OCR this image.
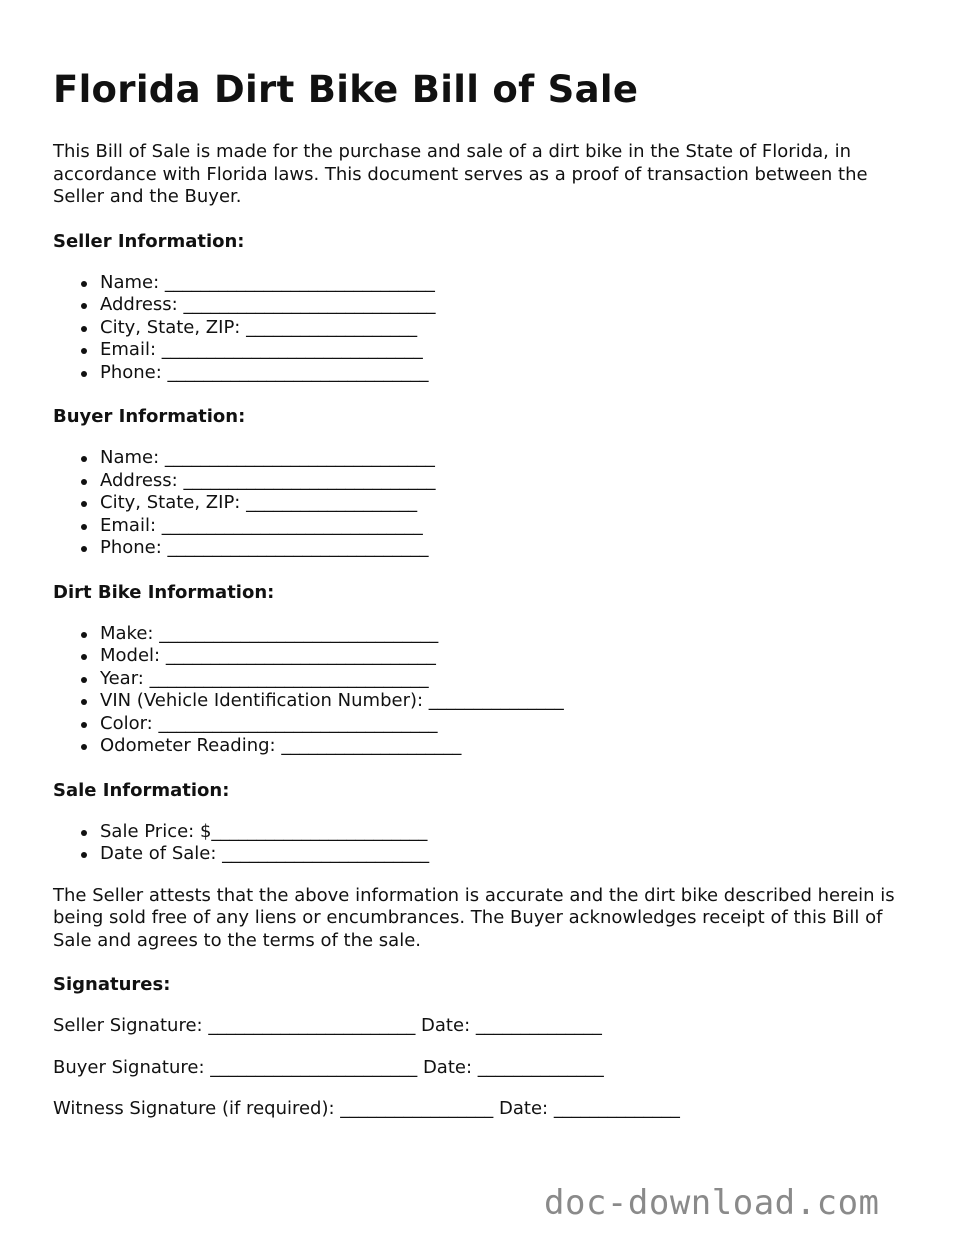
Florida Dirt Bike Bill of Sale

This Bill of Sale is made for the purchase and sale of a dirt bike in the State of Florida, in accordance with Florida laws. This document serves as a proof of transaction between the Seller and the Buyer.

Seller Information:
Name: ______________________________
Address: ____________________________
City, State, ZIP: ___________________
Email: _____________________________
Phone: _____________________________
Buyer Information:
Name: ______________________________
Address: ____________________________
City, State, ZIP: ___________________
Email: _____________________________
Phone: _____________________________
Dirt Bike Information:
Make: _______________________________
Model: ______________________________
Year: _______________________________
VIN (Vehicle Identification Number): _______________
Color: _______________________________
Odometer Reading: ____________________
Sale Information:
Sale Price: $________________________
Date of Sale: _______________________

The Seller attests that the above information is accurate and the dirt bike described herein is being sold free of any liens or encumbrances. The Buyer acknowledges receipt of this Bill of Sale and agrees to the terms of the sale.

Signatures:
Seller Signature: _______________________ Date: ______________
Buyer Signature: _______________________ Date: ______________
Witness Signature (if required): _________________ Date: ______________
doc-download.com
